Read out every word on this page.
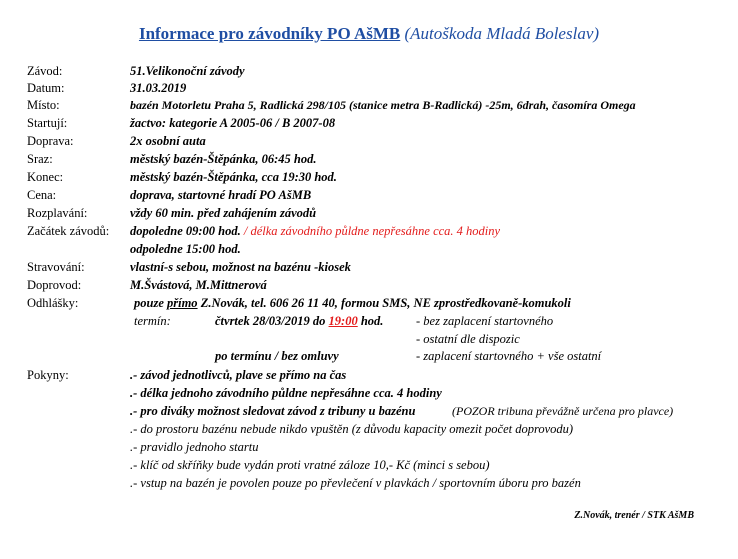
Informace pro závodníky PO AšMB (Autoškoda Mladá Boleslav)
Závod:	51.Velikonoční závody
Datum:	31.03.2019
Místo:	bazén Motorletu Praha 5, Radlická 298/105 (stanice metra B-Radlická) -25m, 6drah, časomíra Omega
Startují:	žactvo: kategorie A 2005-06 / B 2007-08
Doprava:	2x osobní auta
Sraz:	městský bazén-Štěpánka, 06:45 hod.
Konec:	městský bazén-Štěpánka, cca 19:30 hod.
Cena:	doprava, startovné hradí PO AšMB
Rozplavání:	vždy 60 min. před zahájením závodů
Začátek závodů: dopoledne 09:00 hod. / délka závodního půldne nepřesáhne cca. 4 hodiny
odpoledne 15:00 hod.
Stravování:	vlastní-s sebou, možnost na bazénu -kiosek
Doprovod:	M.Švástová, M.Mittnerová
Odhlášky:	pouze přímo Z.Novák, tel. 606 26 11 40, formou SMS, NE zprostředkovaně-komukoli
termín:	čtvrtek 28/03/2019 do 19:00 hod.	- bez zaplacení startovného
- ostatní dle dispozic
po termínu / bez omluvy	- zaplacení startovného + vše ostatní
Pokyny:	.- závod jednotlivců, plave se přímo na čas
.- délka jednoho závodního půldne nepřesáhne cca. 4 hodiny
.- pro diváky možnost sledovat závod z tribuny u bazénu	(POZOR tribuna převážně určena pro plavce)
.- do prostoru bazénu nebude nikdo vpuštěn (z důvodu kapacity omezit počet doprovodu)
.- pravidlo jednoho startu
.- klíč od skříňky bude vydán proti vratné záloze 10,- Kč (minci s sebou)
.- vstup na bazén je povolen pouze po převlečení v plavkách / sportovním úboru pro bazén
Z.Novák, trenér / STK AšMB
